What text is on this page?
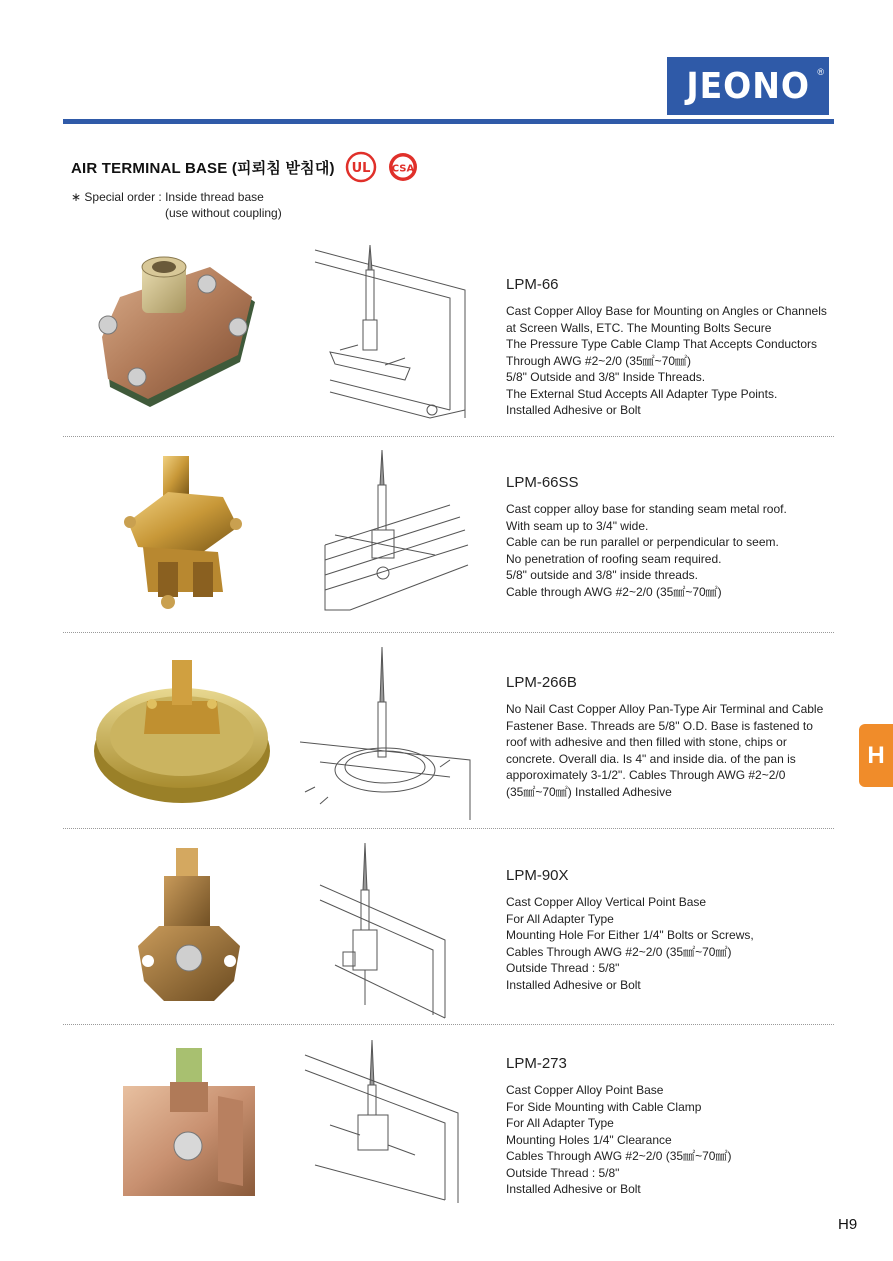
JEONO ®
AIR TERMINAL BASE (피뢰침 받침대) UL CSA
∗ Special order : Inside thread base
(use without coupling)
LPM-66
Cast Copper Alloy Base for Mounting on Angles or Channels
at Screen Walls, ETC. The Mounting Bolts Secure
The Pressure Type Cable Clamp That Accepts Conductors
Through AWG #2~2/0 (35㎟~70㎟)
5/8" Outside and 3/8" Inside Threads.
The External Stud Accepts All Adapter Type Points.
Installed Adhesive or Bolt
LPM-66SS
Cast copper alloy base for standing seam metal roof.
With seam up to 3/4" wide.
Cable can be run parallel or perpendicular to seem.
No penetration of roofing seam required.
5/8" outside and 3/8" inside threads.
Cable through AWG #2~2/0 (35㎟~70㎟)
LPM-266B
No Nail Cast Copper Alloy Pan-Type Air Terminal and Cable
Fastener Base. Threads are 5/8" O.D. Base is fastened to
roof with adhesive and then filled with stone, chips or
concrete. Overall dia. Is 4" and inside dia. of the pan is
apporoximately 3-1/2". Cables Through AWG #2~2/0
(35㎟~70㎟) Installed Adhesive
LPM-90X
Cast Copper Alloy Vertical Point Base
For All Adapter Type
Mounting Hole For Either 1/4" Bolts or Screws,
Cables Through AWG #2~2/0 (35㎟~70㎟)
Outside Thread : 5/8"
Installed Adhesive or Bolt
LPM-273
Cast Copper Alloy Point Base
For Side Mounting with Cable Clamp
For All Adapter Type
Mounting Holes 1/4" Clearance
Cables Through AWG #2~2/0 (35㎟~70㎟)
Outside Thread : 5/8"
Installed Adhesive or Bolt
H
H9
